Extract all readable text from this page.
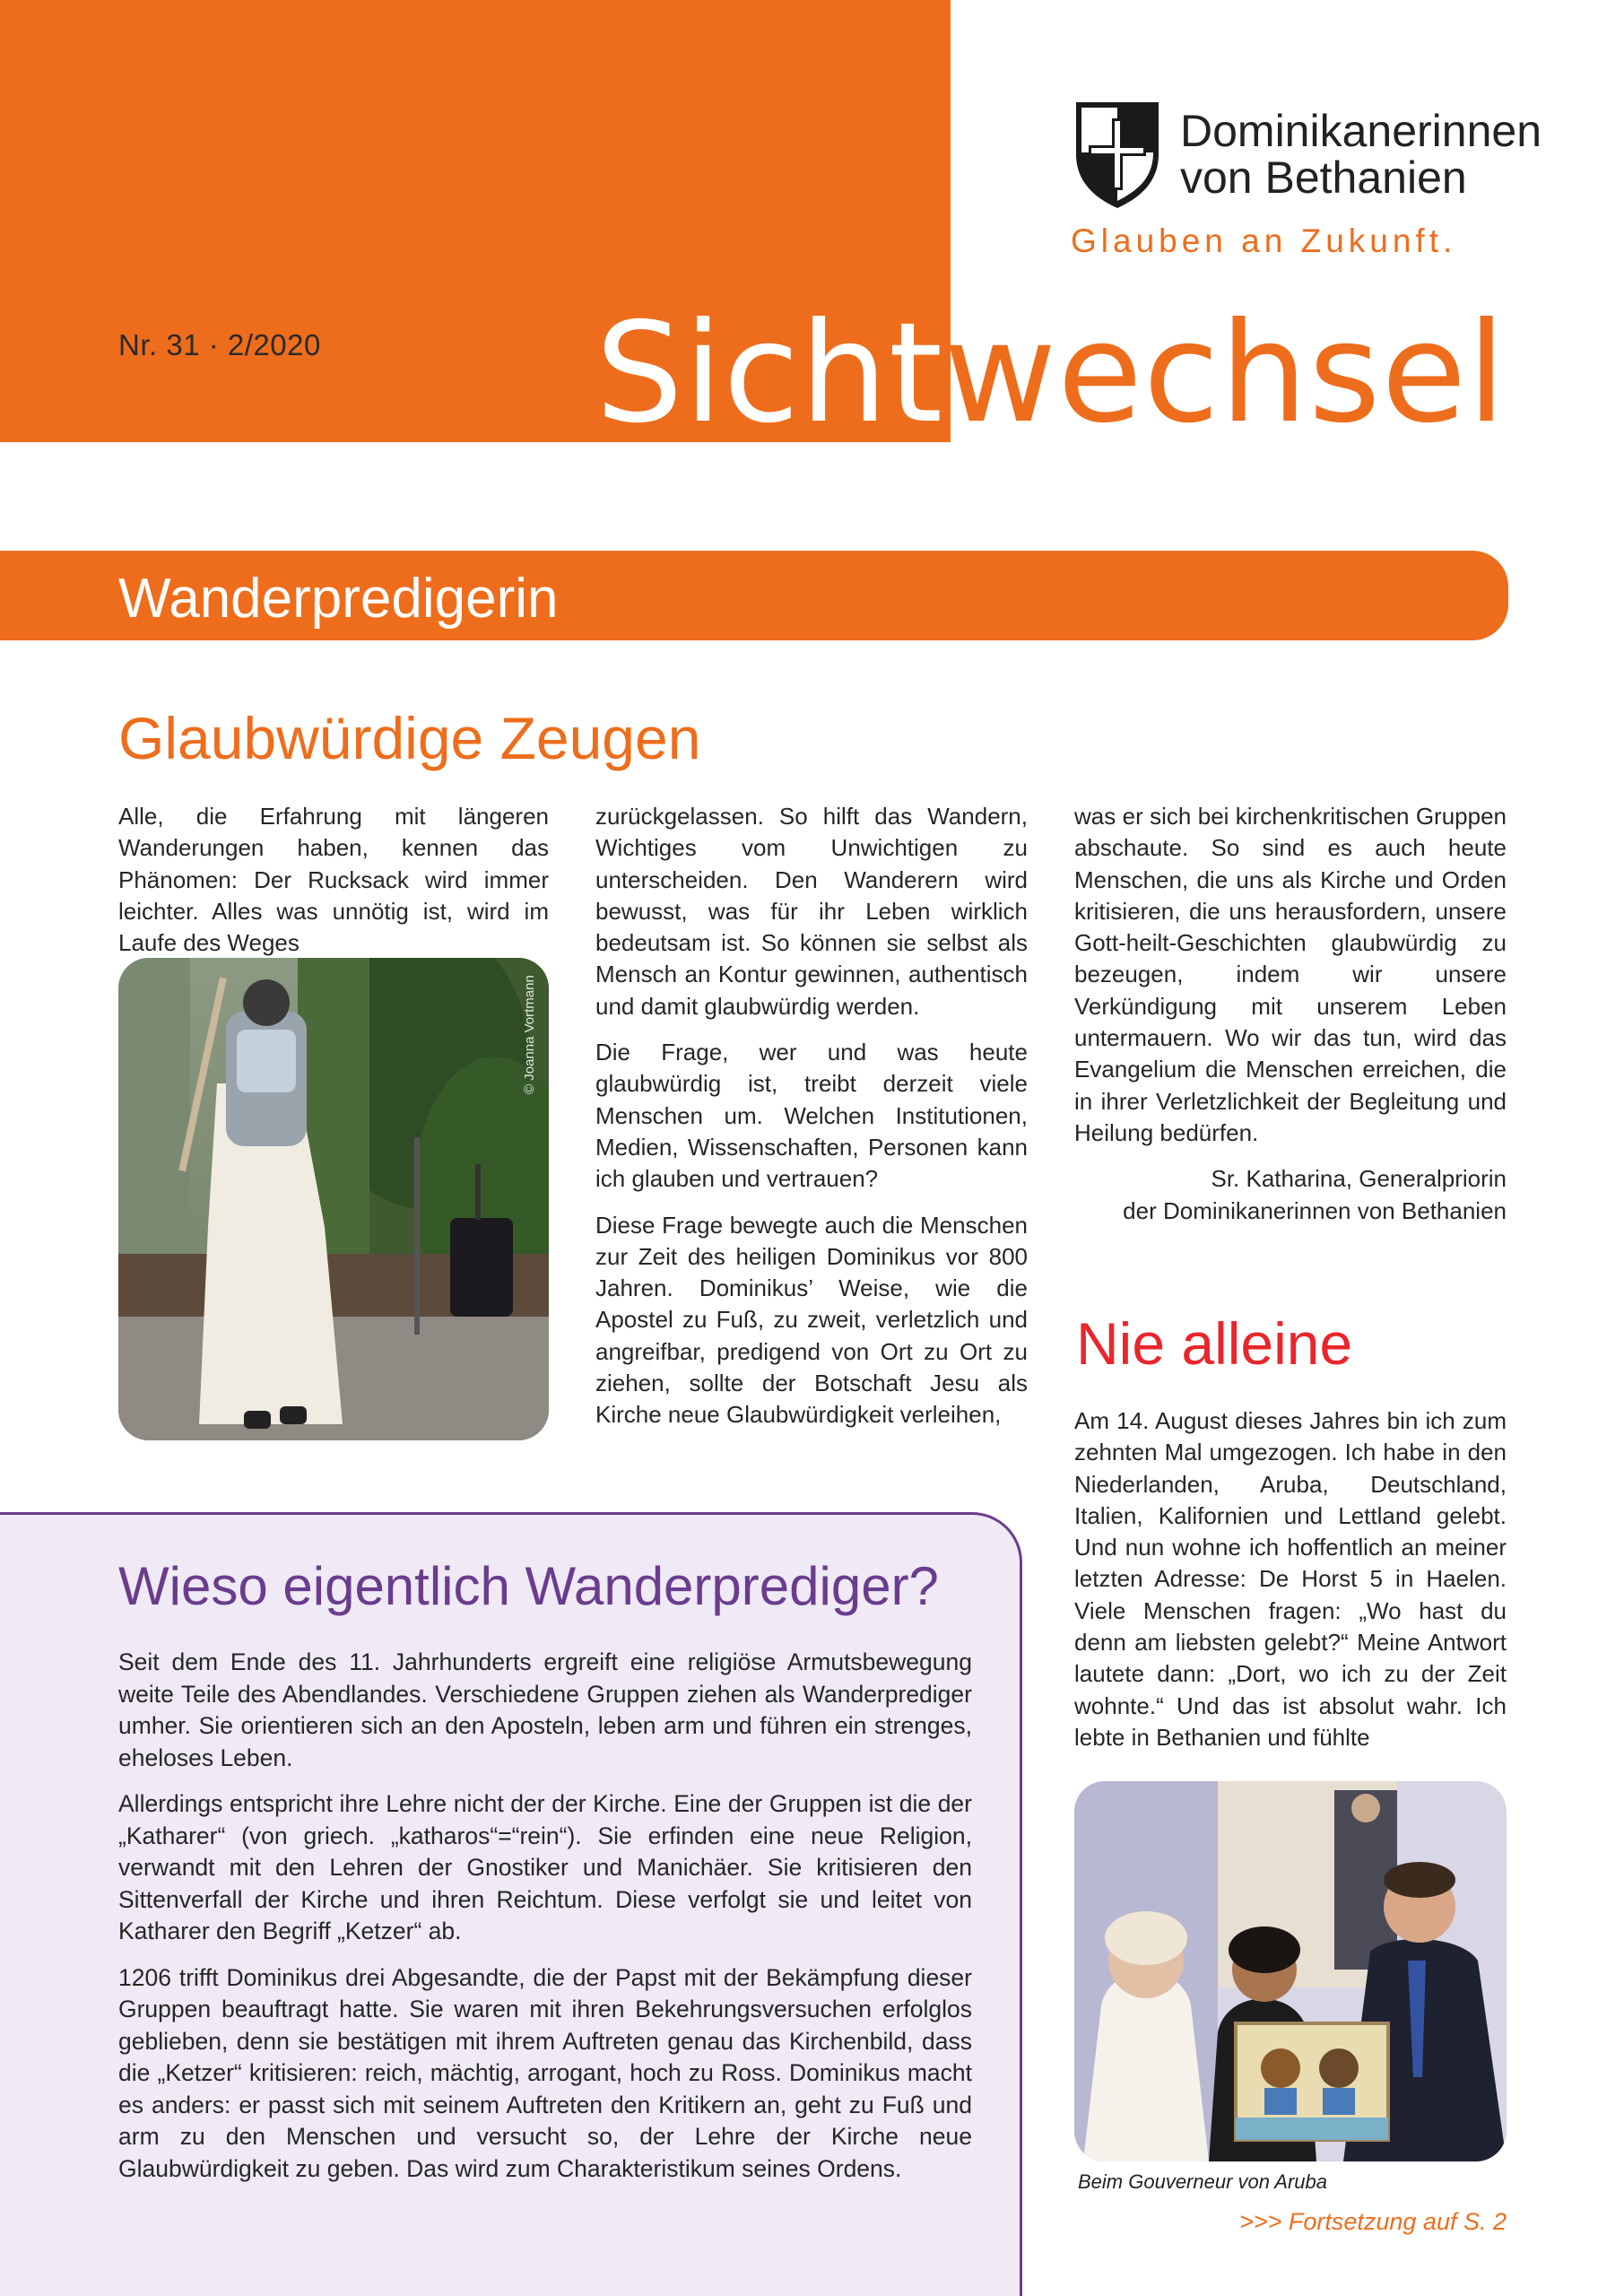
Nr. 31 · 2/2020 Sichtwechsel
Dominikanerinnen
von Bethanien
Glauben an Zukunft.
Wanderpredigerin
Glaubwürdige Zeugen

Alle, die Erfahrung mit längeren Wanderungen haben, kennen das Phänomen: Der Rucksack wird immer leichter. Alles was unnötig ist, wird im Laufe des Weges

© Joanna Vortmann

zurückgelassen. So hilft das Wandern, Wichtiges vom Unwichtigen zu unterscheiden. Den Wanderern wird bewusst, was für ihr Leben wirklich bedeutsam ist. So können sie selbst als Mensch an Kontur gewinnen, authentisch und damit glaubwürdig werden.

Die Frage, wer und was heute glaubwürdig ist, treibt derzeit viele Menschen um. Welchen Institutionen, Medien, Wissenschaften, Personen kann ich glauben und vertrauen?

Diese Frage bewegte auch die Menschen zur Zeit des heiligen Dominikus vor 800 Jahren. Dominikus’ Weise, wie die Apostel zu Fuß, zu zweit, verletzlich und angreifbar, predigend von Ort zu Ort zu ziehen, sollte der Botschaft Jesu als Kirche neue Glaubwürdigkeit verleihen,

was er sich bei kirchenkritischen Gruppen abschaute. So sind es auch heute Menschen, die uns als Kirche und Orden kritisieren, die uns herausfordern, unsere Gott-heilt-Geschichten glaubwürdig zu bezeugen, indem wir unsere Verkündigung mit unserem Leben untermauern. Wo wir das tun, wird das Evangelium die Menschen erreichen, die in ihrer Verletzlichkeit der Begleitung und Heilung bedürfen.

Sr. Katharina, Generalpriorin
der Dominikanerinnen von Bethanien
Nie alleine

Am 14. August dieses Jahres bin ich zum zehnten Mal umgezogen. Ich habe in den Niederlanden, Aruba, Deutschland, Italien, Kalifornien und Lettland gelebt. Und nun wohne ich hoffentlich an meiner letzten Adresse: De Horst 5 in Haelen. Viele Menschen fragen: „Wo hast du denn am liebsten gelebt?“ Meine Antwort lautete dann: „Dort, wo ich zu der Zeit wohnte.“ Und das ist absolut wahr. Ich lebte in Bethanien und fühlte

Beim Gouverneur von Aruba
>>> Fortsetzung auf S. 2
Wieso eigentlich Wanderprediger?

Seit dem Ende des 11. Jahrhunderts ergreift eine religiöse Armutsbewegung weite Teile des Abendlandes. Verschiedene Gruppen ziehen als Wanderprediger umher. Sie orientieren sich an den Aposteln, leben arm und führen ein strenges, eheloses Leben.

Allerdings entspricht ihre Lehre nicht der der Kirche. Eine der Gruppen ist die der „Katharer“ (von griech. „katharos“=“rein“). Sie erfinden eine neue Religion, verwandt mit den Lehren der Gnostiker und Manichäer. Sie kritisieren den Sittenverfall der Kirche und ihren Reichtum. Diese verfolgt sie und leitet von Katharer den Begriff „Ketzer“ ab.

1206 trifft Dominikus drei Abgesandte, die der Papst mit der Bekämpfung dieser Gruppen beauftragt hatte. Sie waren mit ihren Bekehrungsversuchen erfolglos geblieben, denn sie bestätigen mit ihrem Auftreten genau das Kirchenbild, dass die „Ketzer“ kritisieren: reich, mächtig, arrogant, hoch zu Ross. Dominikus macht es anders: er passt sich mit seinem Auftreten den Kritikern an, geht zu Fuß und arm zu den Menschen und versucht so, der Lehre der Kirche neue Glaubwürdigkeit zu geben. Das wird zum Charakteristikum seines Ordens.
